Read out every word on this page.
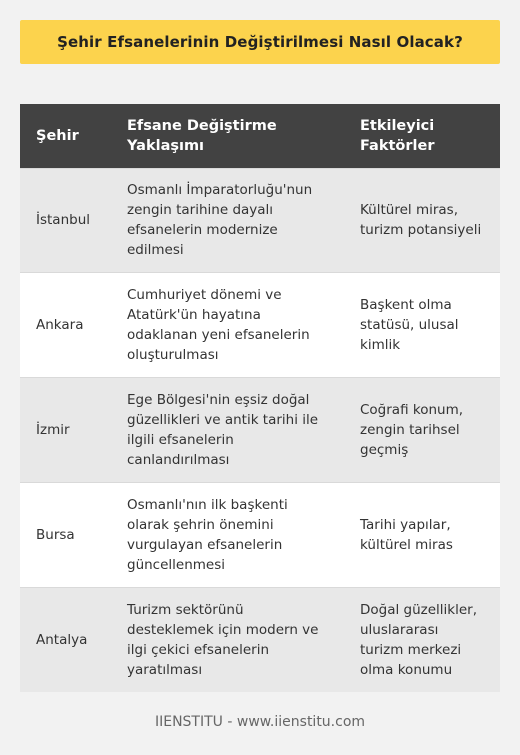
Şehir Efsanelerinin Değiştirilmesi Nasıl Olacak?
Şehir	Efsane Değiştirme Yaklaşımı	Etkileyici Faktörler
İstanbul	Osmanlı İmparatorluğu'nun zengin tarihine dayalı efsanelerin modernize edilmesi	Kültürel miras, turizm potansiyeli
Ankara	Cumhuriyet dönemi ve Atatürk'ün hayatına odaklanan yeni efsanelerin oluşturulması	Başkent olma statüsü, ulusal kimlik
İzmir	Ege Bölgesi'nin eşsiz doğal güzellikleri ve antik tarihi ile ilgili efsanelerin canlandırılması	Coğrafi konum, zengin tarihsel geçmiş
Bursa	Osmanlı'nın ilk başkenti olarak şehrin önemini vurgulayan efsanelerin güncellenmesi	Tarihi yapılar, kültürel miras
Antalya	Turizm sektörünü desteklemek için modern ve ilgi çekici efsanelerin yaratılması	Doğal güzellikler, uluslararası turizm merkezi olma konumu
IIENSTITU - www.iienstitu.com
